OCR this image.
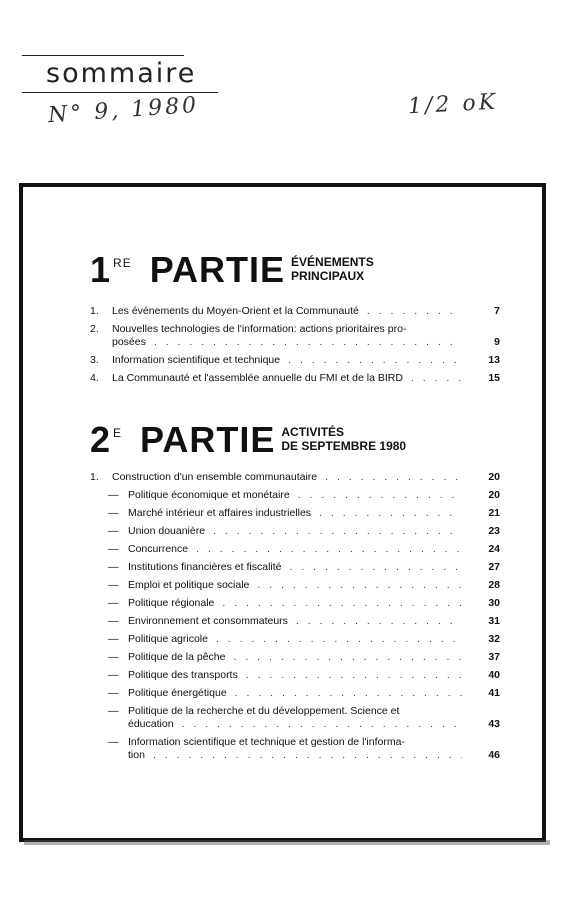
sommaire
N° 9, 1980	1/2 oK
1 RE PARTIE ÉVÉNEMENTS
PRINCIPAUX
1.	Les événements du Moyen-Orient et la Communauté . . .	7
2.	Nouvelles technologies de l'information: actions prioritaires pro-
posées . . .	9
3.	Information scientifique et technique . . .	13
4.	La Communauté et l'assemblée annuelle du FMI et de la BIRD . . .	15
2 E PARTIE ACTIVITÉS
DE SEPTEMBRE 1980
1.	Construction d'un ensemble communautaire . . .	20
— Politique économique et monétaire . . .	20
— Marché intérieur et affaires industrielles . . .	21
— Union douanière . . .	23
— Concurrence . . .	24
— Institutions financières et fiscalité . . .	27
— Emploi et politique sociale . . .	28
— Politique régionale . . .	30
— Environnement et consommateurs . . .	31
— Politique agricole . . .	32
— Politique de la pêche . . .	37
— Politique des transports . . .	40
— Politique énergétique . . .	41
— Politique de la recherche et du développement. Science et
éducation . . .	43
— Information scientifique et technique et gestion de l'informa-
tion . . .	46
